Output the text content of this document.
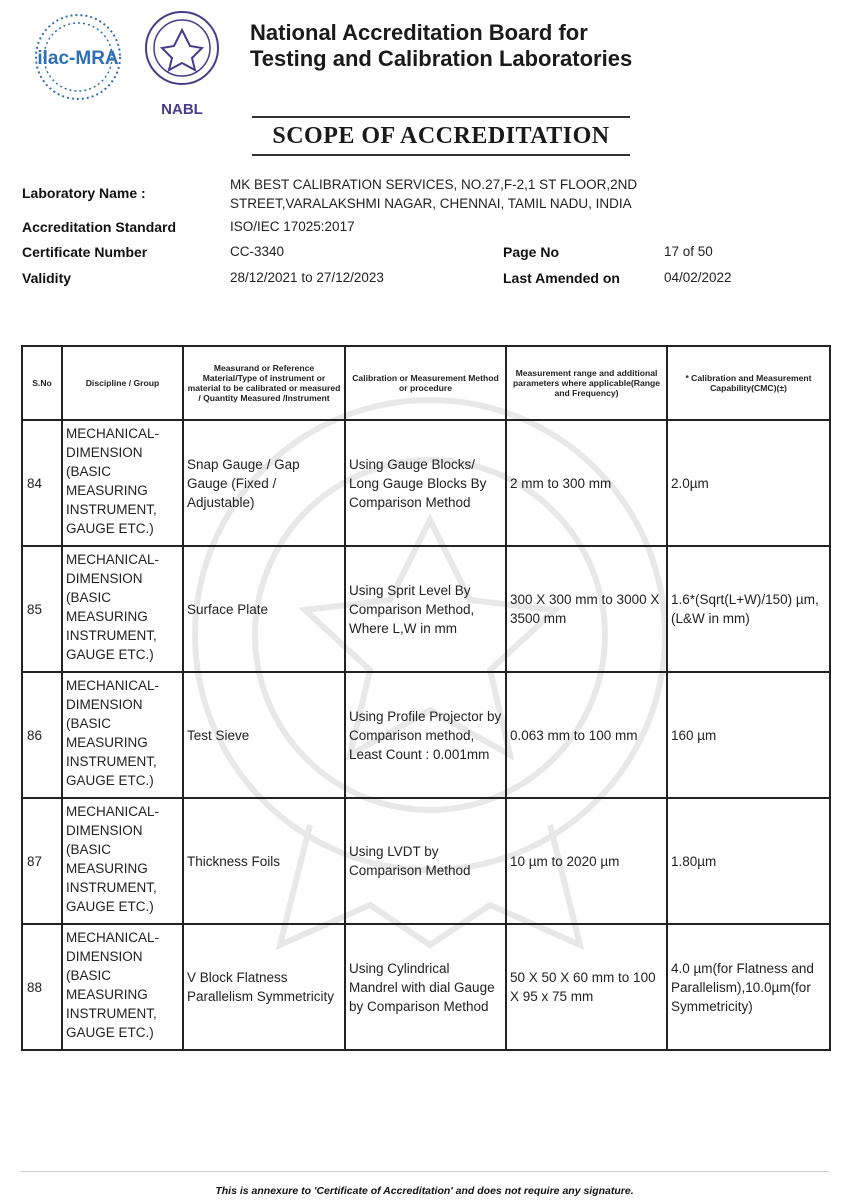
ilac-MRA
NABL
National Accreditation Board for
Testing and Calibration Laboratories
SCOPE OF ACCREDITATION
Laboratory Name :
MK BEST CALIBRATION SERVICES, NO.27,F-2,1 ST FLOOR,2ND
STREET,VARALAKSHMI NAGAR, CHENNAI, TAMIL NADU, INDIA
Accreditation Standard	ISO/IEC 17025:2017
Certificate Number	CC-3340	Page No	17 of 50
Validity	28/12/2021 to 27/12/2023	Last Amended on	04/02/2022
S.No	Discipline / Group	Measurand or Reference Material/Type of instrument or material to be calibrated or measured / Quantity Measured /Instrument	Calibration or Measurement Method or procedure	Measurement range and additional parameters where applicable(Range and Frequency)	* Calibration and Measurement Capability(CMC)(±)
84	MECHANICAL-DIMENSION (BASIC MEASURING INSTRUMENT, GAUGE ETC.)	Snap Gauge / Gap Gauge (Fixed / Adjustable)	Using Gauge Blocks/ Long Gauge Blocks By Comparison Method	2 mm to 300 mm	2.0µm
85	MECHANICAL-DIMENSION (BASIC MEASURING INSTRUMENT, GAUGE ETC.)	Surface Plate	Using Sprit Level By Comparison Method, Where L,W in mm	300 X 300 mm to 3000 X 3500 mm	1.6*(Sqrt(L+W)/150) µm,(L&W in mm)
86	MECHANICAL-DIMENSION (BASIC MEASURING INSTRUMENT, GAUGE ETC.)	Test Sieve	Using Profile Projector by Comparison method, Least Count : 0.001mm	0.063 mm to 100 mm	160 µm
87	MECHANICAL-DIMENSION (BASIC MEASURING INSTRUMENT, GAUGE ETC.)	Thickness Foils	Using LVDT by Comparison Method	10 µm to 2020 µm	1.80µm
88	MECHANICAL-DIMENSION (BASIC MEASURING INSTRUMENT, GAUGE ETC.)	V Block Flatness Parallelism Symmetricity	Using Cylindrical Mandrel with dial Gauge by Comparison Method	50 X 50 X 60 mm to 100 X 95 x 75 mm	4.0 µm(for Flatness and Parallelism),10.0µm(for Symmetricity)
This is annexure to 'Certificate of Accreditation' and does not require any signature.
